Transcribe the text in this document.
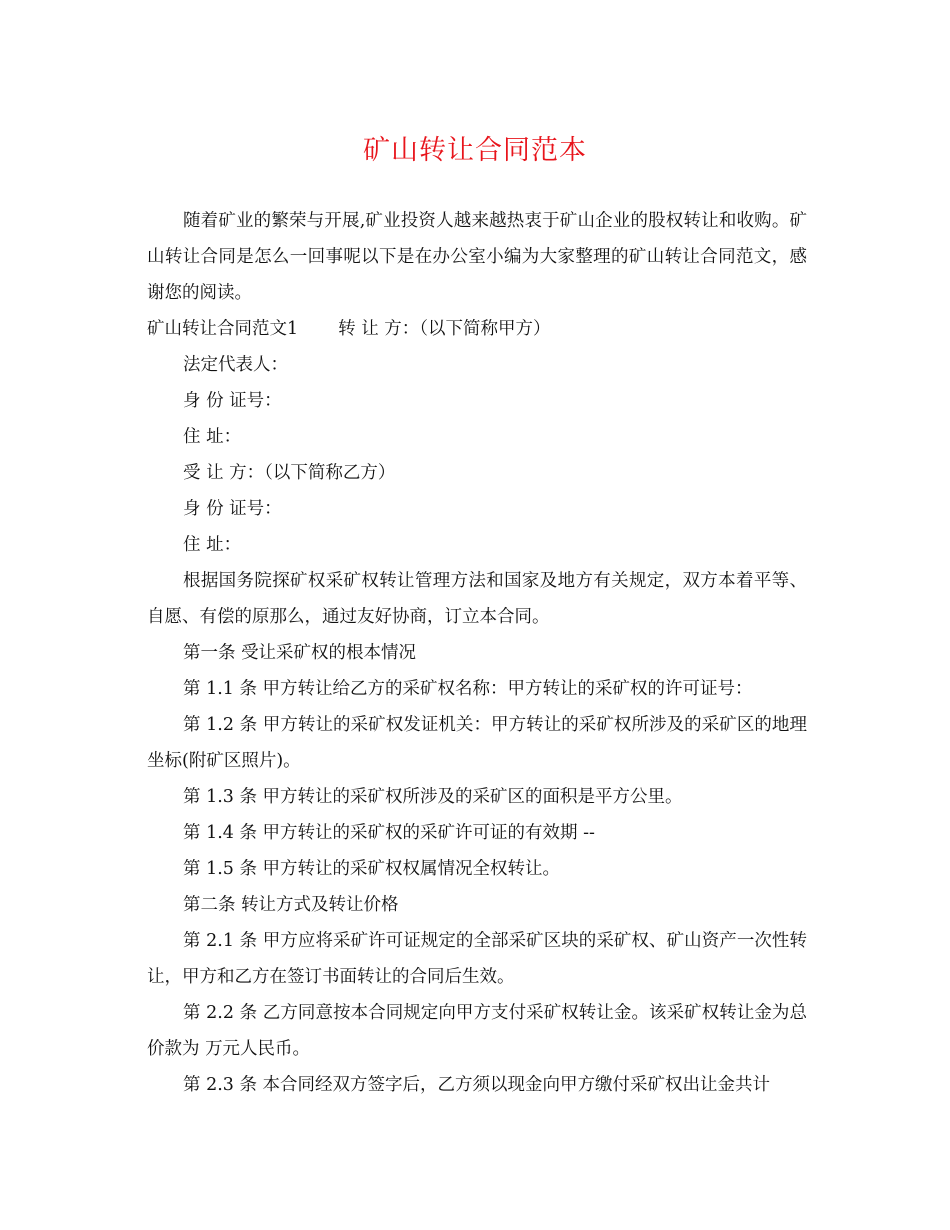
矿山转让合同范本

随着矿业的繁荣与开展,矿业投资人越来越热衷于矿山企业的股权转让和收购。矿山转让合同是怎么一回事呢以下是在办公室小编为大家整理的矿山转让合同范文，感谢您的阅读。

矿山转让合同范文1 转 让 方：（以下简称甲方）

法定代表人：

身 份 证号：

住 址：

受 让 方：（以下简称乙方）

身 份 证号：

住 址：

根据国务院探矿权采矿权转让管理方法和国家及地方有关规定，双方本着平等、自愿、有偿的原那么，通过友好协商，订立本合同。

第一条 受让采矿权的根本情况

第 1.1 条 甲方转让给乙方的采矿权名称：甲方转让的采矿权的许可证号：

第 1.2 条 甲方转让的采矿权发证机关：甲方转让的采矿权所涉及的采矿区的地理坐标(附矿区照片)。

第 1.3 条 甲方转让的采矿权所涉及的采矿区的面积是平方公里。

第 1.4 条 甲方转让的采矿权的采矿许可证的有效期 --

第 1.5 条 甲方转让的采矿权权属情况全权转让。

第二条 转让方式及转让价格

第 2.1 条 甲方应将采矿许可证规定的全部采矿区块的采矿权、矿山资产一次性转让，甲方和乙方在签订书面转让的合同后生效。

第 2.2 条 乙方同意按本合同规定向甲方支付采矿权转让金。该采矿权转让金为总价款为 万元人民币。

第 2.3 条 本合同经双方签字后，乙方须以现金向甲方缴付采矿权出让金共计
